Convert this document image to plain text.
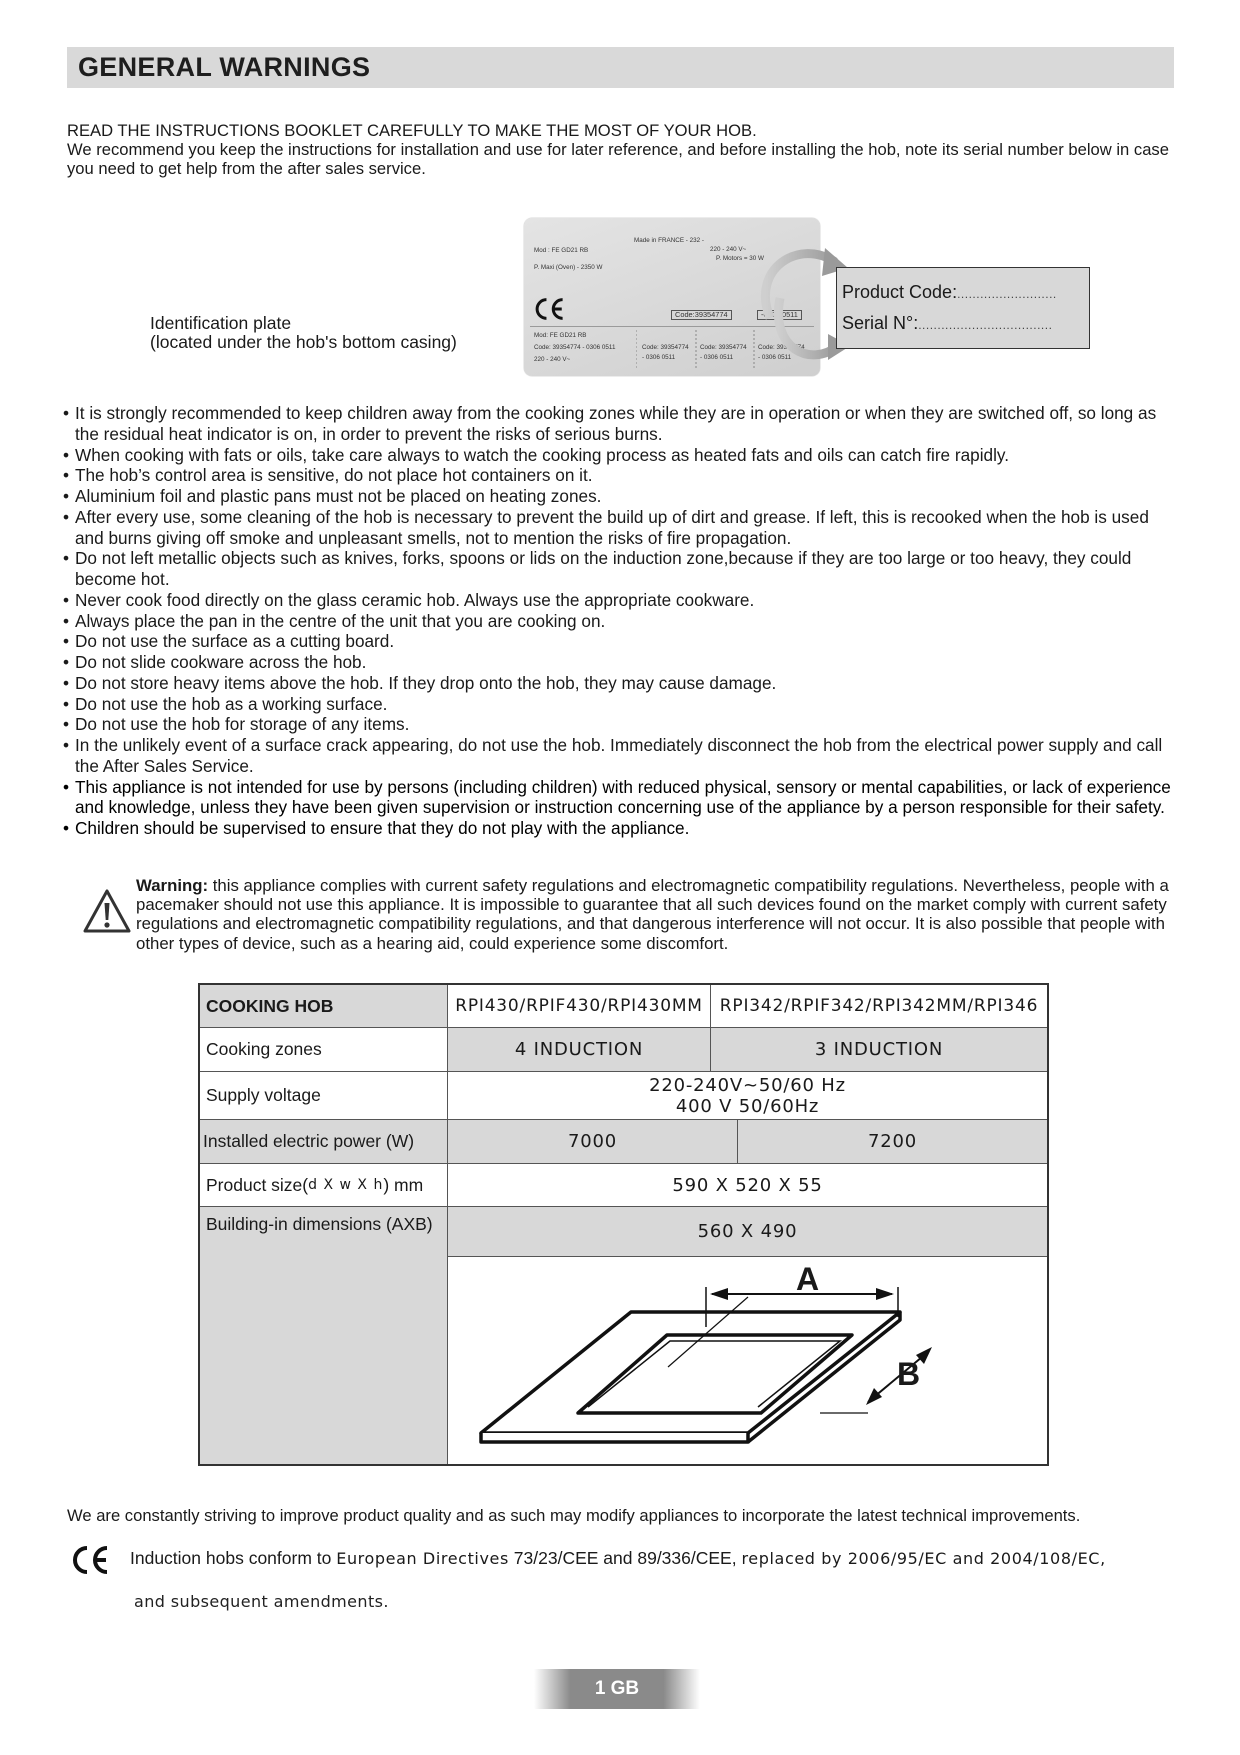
GENERAL WARNINGS

READ THE INSTRUCTIONS BOOKLET CAREFULLY TO MAKE THE MOST OF YOUR HOB.

We recommend you keep the instructions for installation and use for later reference, and before installing the hob, note its serial number below in case you need to get help from the after sales service.

Identification plate

(located under the hob's bottom casing)

Made in FRANCE - 232 -
220 - 240 V~
P. Motors = 30 W
Mod : FE GD21 RB
P. Maxi (Oven) - 2350 W
Code:39354774	-0306 0511
Mod: FE GD21 RB
Code: 39354774 - 0306 0511
220 - 240 V~
Code: 39354774
- 0306 0511
Code: 39354774
- 0306 0511
Code: 39354774
- 0306 0511
Product Code:..........................
Serial N°:...................................
• It is strongly recommended to keep children away from the cooking zones while they are in operation or when they are switched off, so long as the residual heat indicator is on, in order to prevent the risks of serious burns.
• When cooking with fats or oils, take care always to watch the cooking process as heated fats and oils can catch fire rapidly.
• The hob’s control area is sensitive, do not place hot containers on it.
• Aluminium foil and plastic pans must not be placed on heating zones.
• After every use, some cleaning of the hob is necessary to prevent the build up of dirt and grease. If left, this is recooked when the hob is used and burns giving off smoke and unpleasant smells, not to mention the risks of fire propagation.
• Do not left metallic objects such as knives, forks, spoons or lids on the induction zone,because if they are too large or too heavy, they could become hot.
• Never cook food directly on the glass ceramic hob. Always use the appropriate cookware.
• Always place the pan in the centre of the unit that you are cooking on.
• Do not use the surface as a cutting board.
• Do not slide cookware across the hob.
• Do not store heavy items above the hob. If they drop onto the hob, they may cause damage.
• Do not use the hob as a working surface.
• Do not use the hob for storage of any items.
• In the unlikely event of a surface crack appearing, do not use the hob. Immediately disconnect the hob from the electrical power supply and call the After Sales Service.
• This appliance is not intended for use by persons (including children) with reduced physical, sensory or mental capabilities, or lack of experience and knowledge, unless they have been given supervision or instruction concerning use of the appliance by a person responsible for their safety.
• Children should be supervised to ensure that they do not play with the appliance.
Warning: this appliance complies with current safety regulations and electromagnetic compatibility regulations. Nevertheless, people with a pacemaker should not use this appliance. It is impossible to guarantee that all such devices found on the market comply with current safety regulations and electromagnetic compatibility regulations, and that dangerous interference will not occur. It is also possible that people with other types of device, such as a hearing aid, could experience some discomfort.
COOKING HOB	RPI430/RPIF430/RPI430MM	RPI342/RPIF342/RPI342MM/RPI346
Cooking zones	4 INDUCTION	3 INDUCTION
Supply voltage	220-240V~50/60 Hz
400 V 50/60Hz
Installed electric power (W)	7000	7200
Product size( d X w X h ) mm	590 X 520 X 55
Building-in dimensions (AXB)	560 X 490
A
B
We are constantly striving to improve product quality and as such may modify appliances to incorporate the latest technical improvements.
Induction hobs conform to European Directives 73/23/CEE and 89/336/CEE, replaced by 2006/95/EC and 2004/108/EC,
and subsequent amendments.
1 GB
